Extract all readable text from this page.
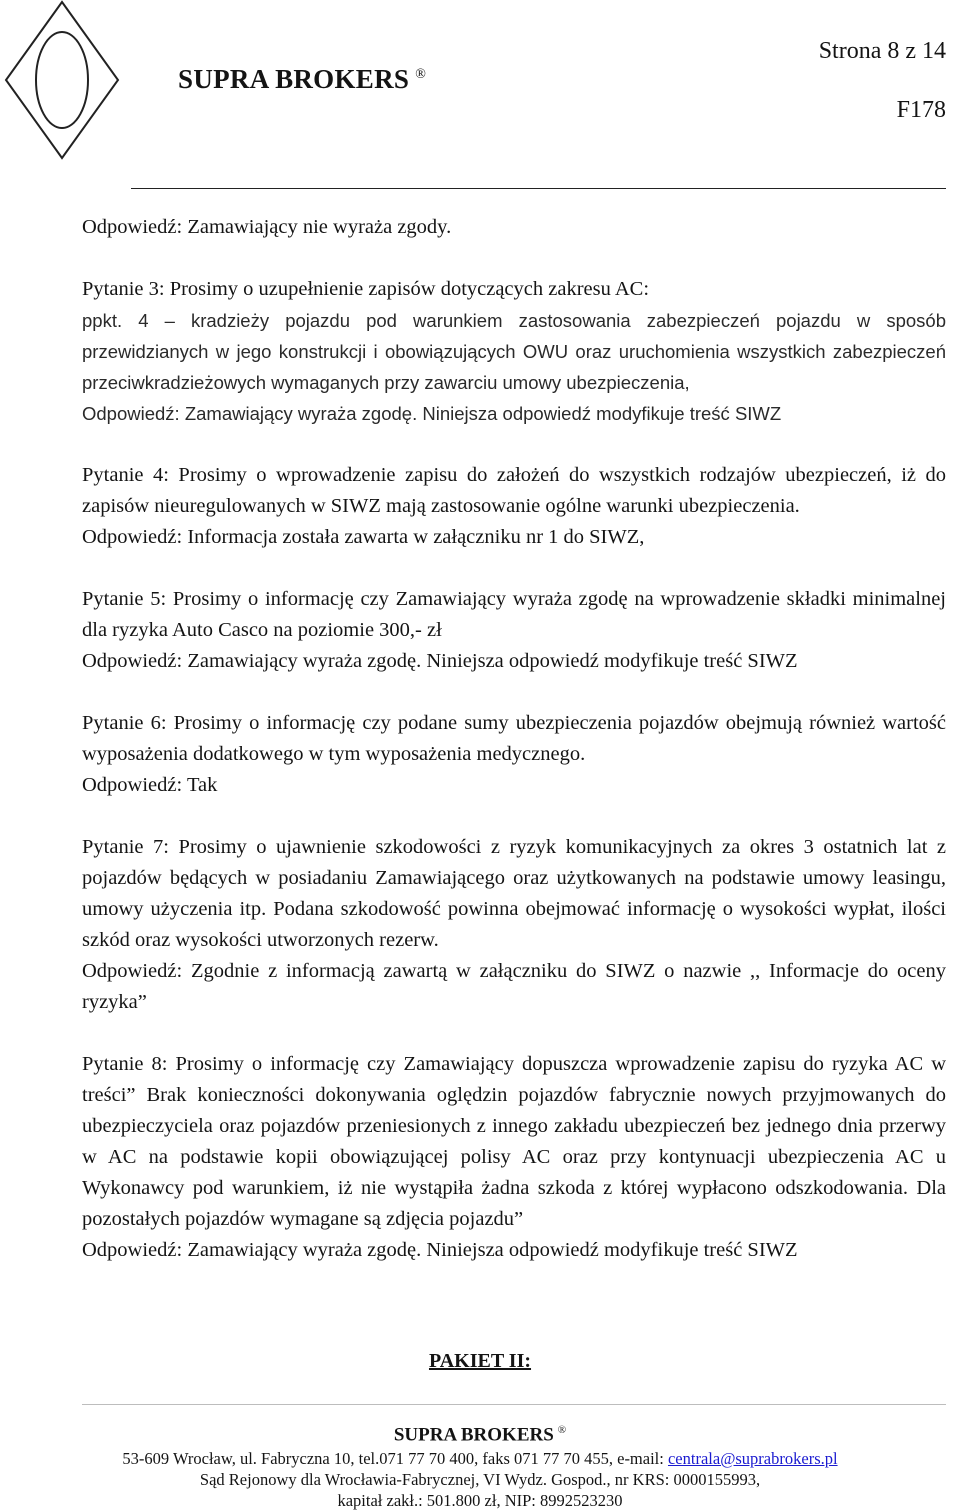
SUPRA BROKERS ®
Strona 8 z 14
F178

Odpowiedź: Zamawiający nie wyraża zgody.

Pytanie 3: Prosimy o uzupełnienie zapisów dotyczących zakresu AC:

ppkt. 4 – kradzieży pojazdu pod warunkiem zastosowania zabezpieczeń pojazdu w sposób przewidzianych w jego konstrukcji i obowiązujących OWU oraz uruchomienia wszystkich zabezpieczeń przeciwkradzieżowych wymaganych przy zawarciu umowy ubezpieczenia,

Odpowiedź: Zamawiający wyraża zgodę. Niniejsza odpowiedź modyfikuje treść SIWZ

Pytanie 4: Prosimy o wprowadzenie zapisu do założeń do wszystkich rodzajów ubezpieczeń, iż do zapisów nieuregulowanych w SIWZ mają zastosowanie ogólne warunki ubezpieczenia.

Odpowiedź: Informacja została zawarta w załączniku nr 1 do SIWZ,

Pytanie 5: Prosimy o informację czy Zamawiający wyraża zgodę na wprowadzenie składki minimalnej dla ryzyka Auto Casco na poziomie 300,- zł

Odpowiedź: Zamawiający wyraża zgodę. Niniejsza odpowiedź modyfikuje treść SIWZ

Pytanie 6: Prosimy o informację czy podane sumy ubezpieczenia pojazdów obejmują również wartość wyposażenia dodatkowego w tym wyposażenia medycznego.

Odpowiedź: Tak

Pytanie 7: Prosimy o ujawnienie szkodowości z ryzyk komunikacyjnych za okres 3 ostatnich lat z pojazdów będących w posiadaniu Zamawiającego oraz użytkowanych na podstawie umowy leasingu, umowy użyczenia itp. Podana szkodowość powinna obejmować informację o wysokości wypłat, ilości szkód oraz wysokości utworzonych rezerw.

Odpowiedź: Zgodnie z informacją zawartą w załączniku do SIWZ o nazwie ,, Informacje do oceny ryzyka”

Pytanie 8: Prosimy o informację czy Zamawiający dopuszcza wprowadzenie zapisu do ryzyka AC w treści” Brak konieczności dokonywania oględzin pojazdów fabrycznie nowych przyjmowanych do ubezpieczyciela oraz pojazdów przeniesionych z innego zakładu ubezpieczeń bez jednego dnia przerwy w AC na podstawie kopii obowiązującej polisy AC oraz przy kontynuacji ubezpieczenia AC u Wykonawcy pod warunkiem, iż nie wystąpiła żadna szkoda z której wypłacono odszkodowania. Dla pozostałych pojazdów wymagane są zdjęcia pojazdu”

Odpowiedź: Zamawiający wyraża zgodę. Niniejsza odpowiedź modyfikuje treść SIWZ

PAKIET II:
SUPRA BROKERS ®
53-609 Wrocław, ul. Fabryczna 10, tel.071 77 70 400, faks 071 77 70 455, e-mail: centrala@suprabrokers.pl
Sąd Rejonowy dla Wrocławia-Fabrycznej, VI Wydz. Gospod., nr KRS: 0000155993,
kapitał zakł.: 501.800 zł, NIP: 8992523230
